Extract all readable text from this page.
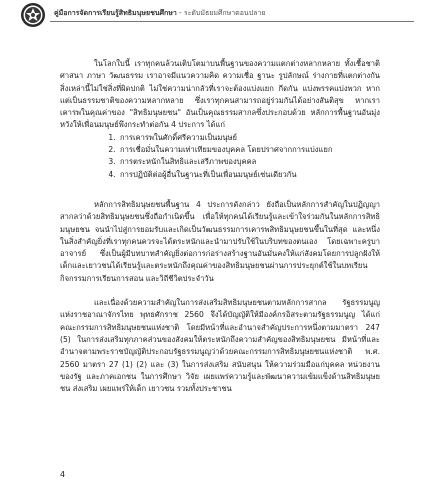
คู่มือการจัดการเรียนรู้สิทธิมนุษยชนศึกษา - ระดับมัธยมศึกษาตอนปลาย

ในโลกใบนี้ เราทุกคนล้วนเติบโตมาบนพื้นฐานของความแตกต่างหลากหลาย ทั้งเชื้อชาติ ศาสนา ภาษา วัฒนธรรม เราอาจมีแนวความคิด ความเชื่อ ฐานะ รูปลักษณ์ ร่างกายที่แตกต่างกัน สิ่งเหล่านี้ไม่ใช่สิ่งที่ผิดปกติ ไม่ใช่ความน่ากลัวที่เราจะต้องแบ่งแยก กีดกัน แบ่งพรรคแบ่งพวก หากแต่เป็นธรรมชาติของความหลากหลาย ซึ่งเราทุกคนสามารถอยู่ร่วมกันได้อย่างสันติสุข หากเราเคารพในคุณค่าของ "สิทธิมนุษยชน" อันเป็นคุณธรรมสากลซึ่งประกอบด้วย หลักการพื้นฐานอันมุ่งหวังให้เพื่อนมนุษย์พึงกระทำต่อกัน 4 ประการ ได้แก่

1. การเคารพในศักดิ์ศรีความเป็นมนุษย์
2. การเชื่อมั่นในความเท่าเทียมของบุคคล โดยปราศจากการแบ่งแยก
3. การตระหนักในสิทธิและเสรีภาพของบุคคล
4. การปฏิบัติต่อผู้อื่นในฐานะที่เป็นเพื่อนมนุษย์เช่นเดียวกัน

หลักการสิทธิมนุษยชนพื้นฐาน 4 ประการดังกล่าว ยังถือเป็นหลักการสำคัญในปฏิญญาสากลว่าด้วยสิทธิมนุษยชนซึ่งถือกำเนิดขึ้น เพื่อให้ทุกคนได้เรียนรู้และเข้าใจร่วมกันในหลักการสิทธิมนุษยชน จนนำไปสู่การยอมรับและเกิดเป็นวัฒนธรรมการเคารพสิทธิมนุษยชนขึ้นในที่สุด และหนึ่งในสิ่งสำคัญยิ่งที่เราทุกคนควรจะได้ตระหนักและนำมาปรับใช้ในบริบทของตนเอง โดยเฉพาะครูบาอาจารย์ ซึ่งเป็นผู้มีบทบาทสำคัญยิ่งต่อการก่อร่างสร้างฐานอันมั่นคงให้แก่สังคมโดยการปลูกฝังให้เด็กและเยาวชนได้เรียนรู้และตระหนักถึงคุณค่าของสิทธิมนุษยชนผ่านการประยุกต์ใช้ในบทเรียน กิจกรรมการเรียนการสอน และวิถีชีวิตประจำวัน

และเนื่องด้วยความสำคัญในการส่งเสริมสิทธิมนุษยชนตามหลักการสากล รัฐธรรมนูญแห่งราชอาณาจักรไทย พุทธศักราช 2560 จึงได้บัญญัติให้มีองค์กรอิสระตามรัฐธรรมนูญ ได้แก่ คณะกรรมการสิทธิมนุษยชนแห่งชาติ โดยมีหน้าที่และอำนาจสำคัญประการหนึ่งตามมาตรา 247 (5) ในการส่งเสริมทุกภาคส่วนของสังคมให้ตระหนักถึงความสำคัญของสิทธิมนุษยชน มีหน้าที่และอำนาจตามพระราชบัญญัติประกอบรัฐธรรมนูญว่าด้วยคณะกรรมการสิทธิมนุษยชนแห่งชาติ พ.ศ. 2560 มาตรา 27 (1) (2) และ (3) ในการส่งเสริม สนับสนุน ให้ความร่วมมือแก่บุคคล หน่วยงานของรัฐ และภาคเอกชน ในการศึกษา วิจัย เผยแพร่ความรู้และพัฒนาความเข้มแข็งด้านสิทธิมนุษยชน ส่งเสริม เผยแพร่ให้เด็ก เยาวชน รวมทั้งประชาชน

4
